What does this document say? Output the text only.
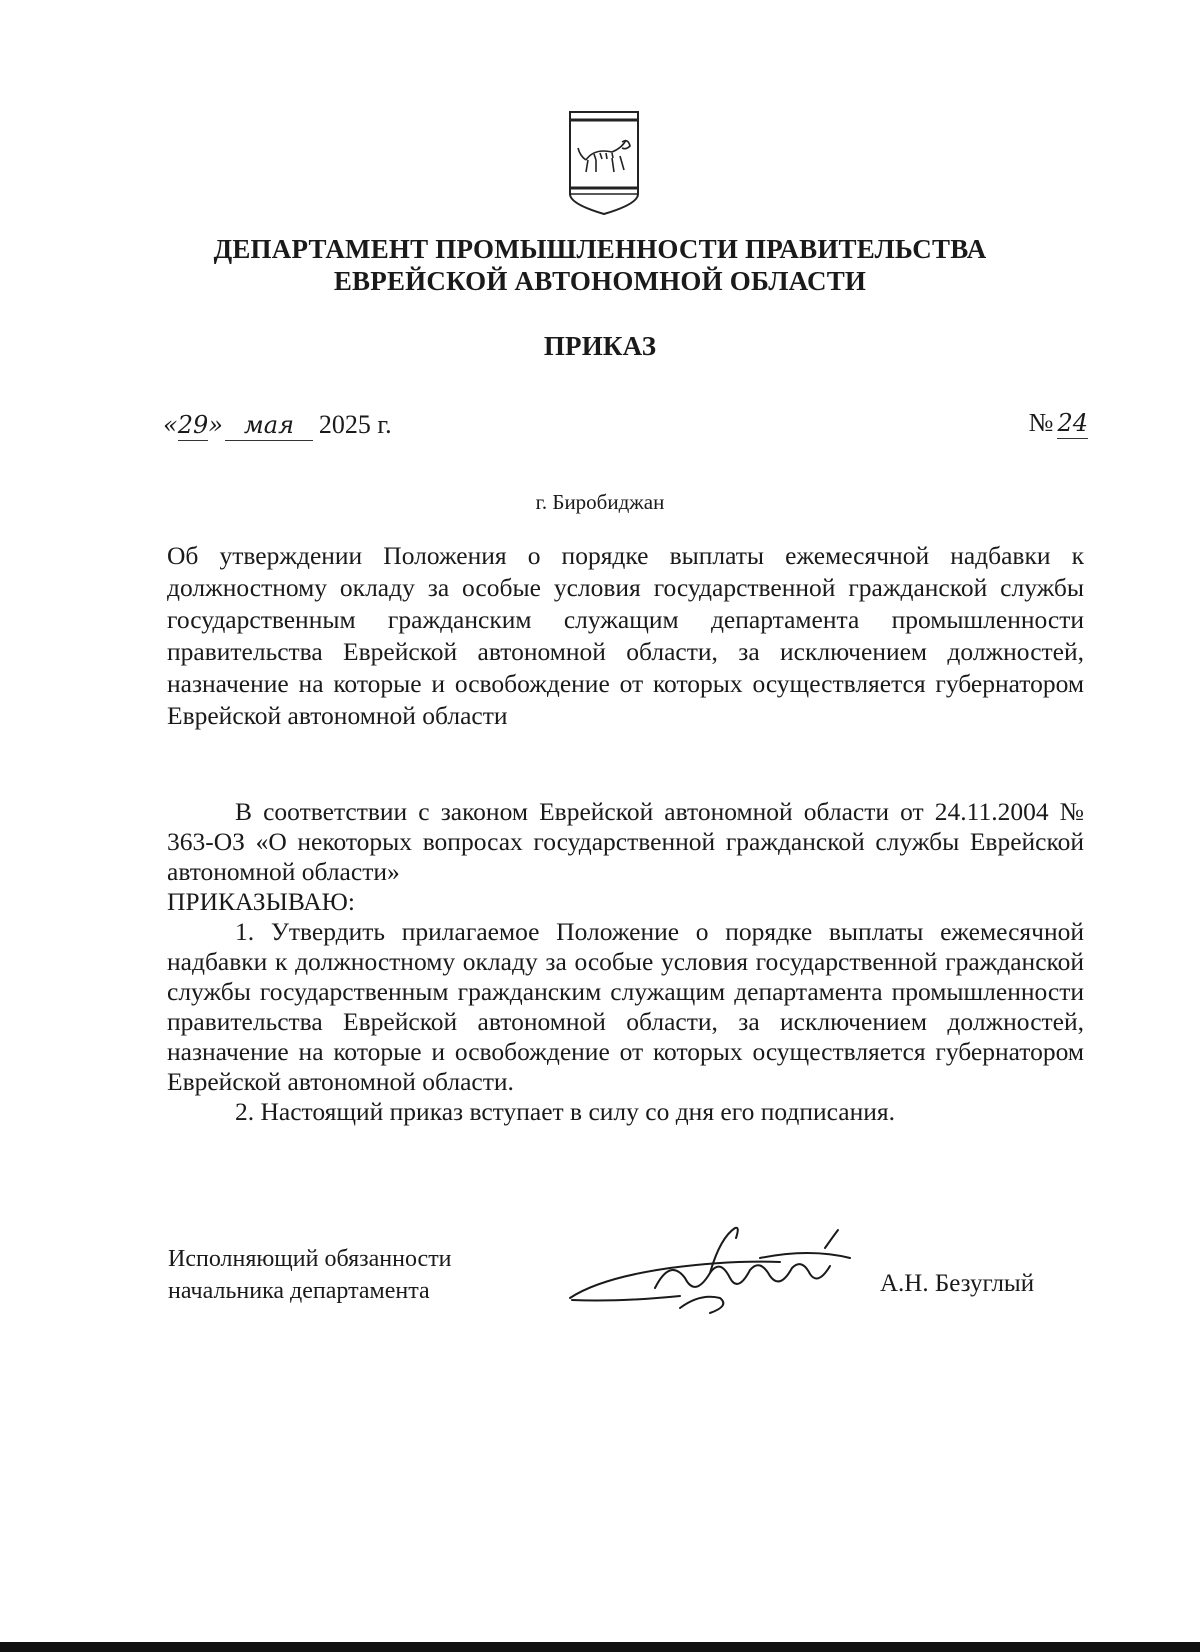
ДЕПАРТАМЕНТ ПРОМЫШЛЕННОСТИ ПРАВИТЕЛЬСТВА
ЕВРЕЙСКОЙ АВТОНОМНОЙ ОБЛАСТИ
ПРИКАЗ
«29» мая 2025 г.	№ 24
г. Биробиджан
Об утверждении Положения о порядке выплаты ежемесячной надбавки к должностному окладу за особые условия государственной гражданской службы государственным гражданским служащим департамента промышленности правительства Еврейской автономной области, за исключением должностей, назначение на которые и освобождение от которых осуществляется губернатором Еврейской автономной области

В соответствии с законом Еврейской автономной области от 24.11.2004 № 363-ОЗ «О некоторых вопросах государственной гражданской службы Еврейской автономной области»

ПРИКАЗЫВАЮ:

1. Утвердить прилагаемое Положение о порядке выплаты ежемесячной надбавки к должностному окладу за особые условия государственной гражданской службы государственным гражданским служащим департамента промышленности правительства Еврейской автономной области, за исключением должностей, назначение на которые и освобождение от которых осуществляется губернатором Еврейской автономной области.

2. Настоящий приказ вступает в силу со дня его подписания.

Исполняющий обязанности
начальника департамента	А.Н. Безуглый
